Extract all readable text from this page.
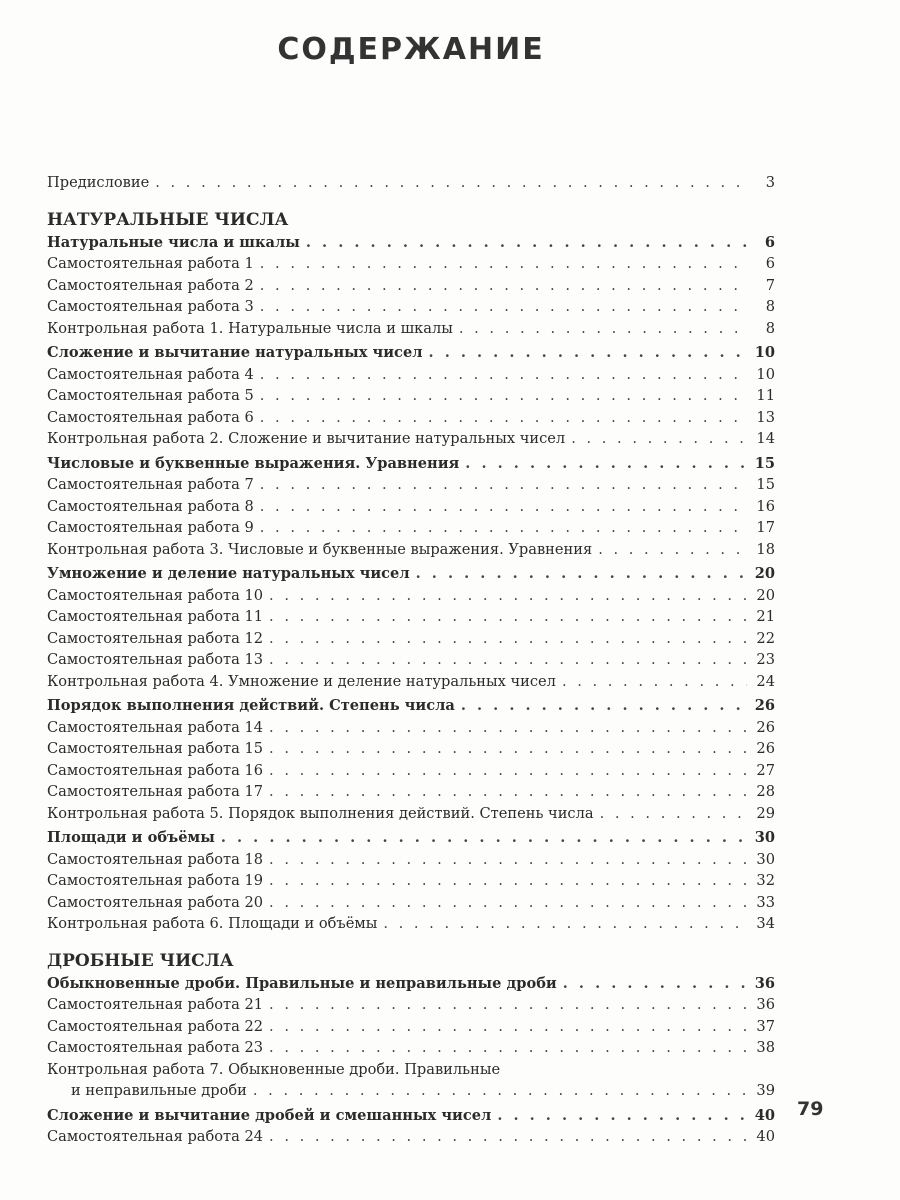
СОДЕРЖАНИЕ
Предисловие . . .	3
НАТУРАЛЬНЫЕ ЧИСЛА
Натуральные числа и шкалы . . .	6
Самостоятельная работа 1 . . .	6
Самостоятельная работа 2 . . .	7
Самостоятельная работа 3 . . .	8
Контрольная работа 1. Натуральные числа и шкалы . . .	8
Сложение и вычитание натуральных чисел . . .	10
Самостоятельная работа 4 . . .	10
Самостоятельная работа 5 . . .	11
Самостоятельная работа 6 . . .	13
Контрольная работа 2. Сложение и вычитание натуральных чисел . . .	14
Числовые и буквенные выражения. Уравнения . . .	15
Самостоятельная работа 7 . . .	15
Самостоятельная работа 8 . . .	16
Самостоятельная работа 9 . . .	17
Контрольная работа 3. Числовые и буквенные выражения. Уравнения . . .	18
Умножение и деление натуральных чисел . . .	20
Самостоятельная работа 10 . . .	20
Самостоятельная работа 11 . . .	21
Самостоятельная работа 12 . . .	22
Самостоятельная работа 13 . . .	23
Контрольная работа 4. Умножение и деление натуральных чисел . . .	24
Порядок выполнения действий. Степень числа . . .	26
Самостоятельная работа 14 . . .	26
Самостоятельная работа 15 . . .	26
Самостоятельная работа 16 . . .	27
Самостоятельная работа 17 . . .	28
Контрольная работа 5. Порядок выполнения действий. Степень числа . . .	29
Площади и объёмы . . .	30
Самостоятельная работа 18 . . .	30
Самостоятельная работа 19 . . .	32
Самостоятельная работа 20 . . .	33
Контрольная работа 6. Площади и объёмы . . .	34
ДРОБНЫЕ ЧИСЛА
Обыкновенные дроби. Правильные и неправильные дроби . . .	36
Самостоятельная работа 21 . . .	36
Самостоятельная работа 22 . . .	37
Самостоятельная работа 23 . . .	38
Контрольная работа 7. Обыкновенные дроби. Правильные
и неправильные дроби . . .	39
Сложение и вычитание дробей и смешанных чисел . . .	40
Самостоятельная работа 24 . . .	40
79
